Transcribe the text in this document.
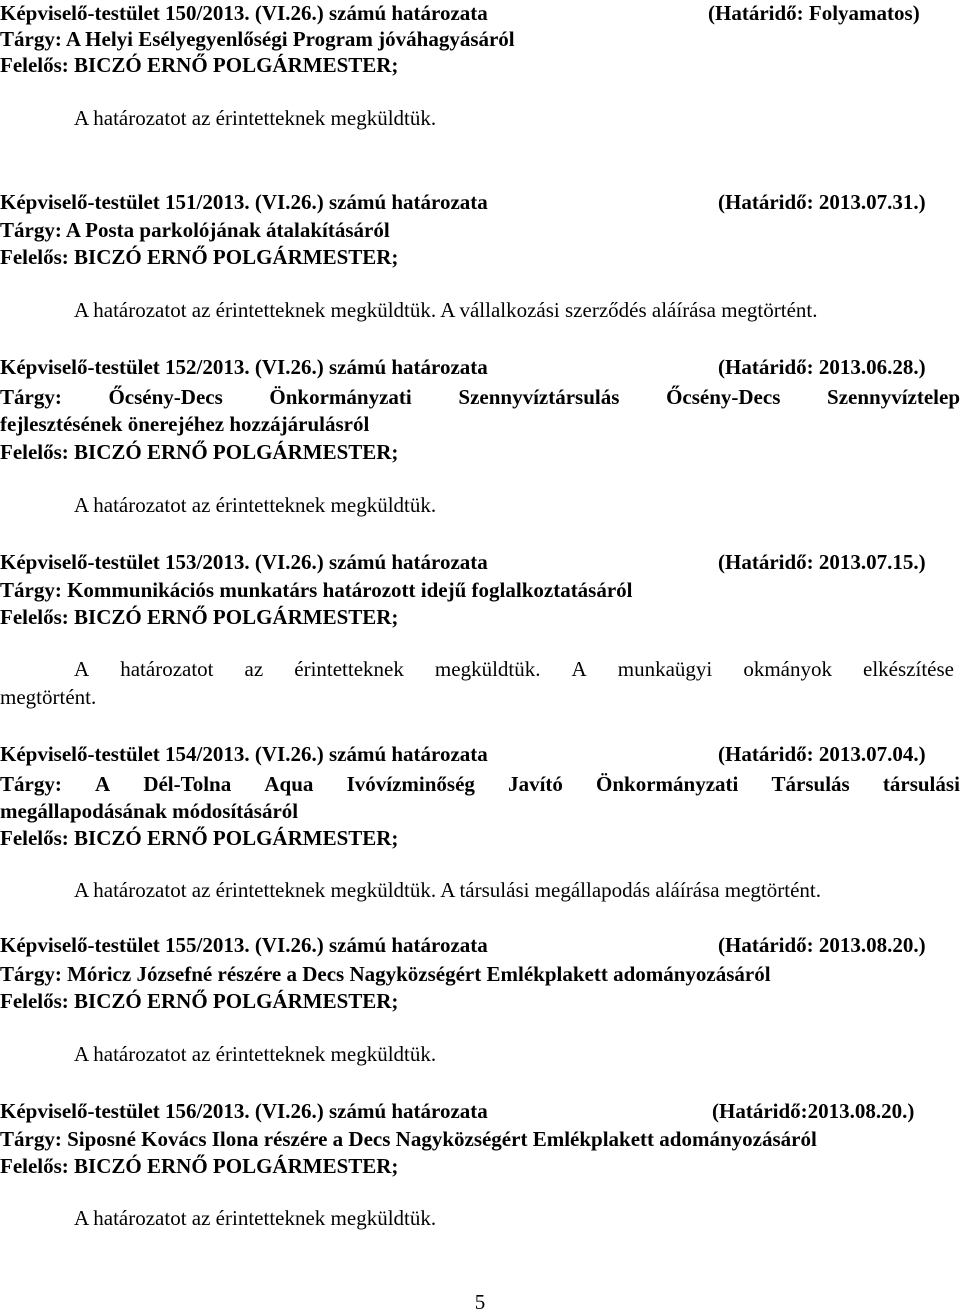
Képviselő-testület 150/2013. (VI.26.) számú határozata	(Határidő: Folyamatos)
Tárgy: A Helyi Esélyegyenlőségi Program jóváhagyásáról
Felelős: BICZÓ ERNŐ POLGÁRMESTER;
A határozatot az érintetteknek megküldtük.
Képviselő-testület 151/2013. (VI.26.) számú határozata	(Határidő: 2013.07.31.)
Tárgy: A Posta parkolójának átalakításáról
Felelős: BICZÓ ERNŐ POLGÁRMESTER;
A határozatot az érintetteknek megküldtük. A vállalkozási szerződés aláírása megtörtént.
Képviselő-testület 152/2013. (VI.26.) számú határozata	(Határidő: 2013.06.28.)
Tárgy: Őcsény-Decs Önkormányzati Szennyvíztársulás Őcsény-Decs Szennyvíztelep
fejlesztésének önerejéhez hozzájárulásról
Felelős: BICZÓ ERNŐ POLGÁRMESTER;
A határozatot az érintetteknek megküldtük.
Képviselő-testület 153/2013. (VI.26.) számú határozata	(Határidő: 2013.07.15.)
Tárgy: Kommunikációs munkatárs határozott idejű foglalkoztatásáról
Felelős: BICZÓ ERNŐ POLGÁRMESTER;
A határozatot az érintetteknek megküldtük. A munkaügyi okmányok elkészítése
megtörtént.
Képviselő-testület 154/2013. (VI.26.) számú határozata	(Határidő: 2013.07.04.)
Tárgy: A Dél-Tolna Aqua Ivóvízminőség Javító Önkormányzati Társulás társulási
megállapodásának módosításáról
Felelős: BICZÓ ERNŐ POLGÁRMESTER;
A határozatot az érintetteknek megküldtük. A társulási megállapodás aláírása megtörtént.
Képviselő-testület 155/2013. (VI.26.) számú határozata	(Határidő: 2013.08.20.)
Tárgy: Móricz Józsefné részére a Decs Nagyközségért Emlékplakett adományozásáról
Felelős: BICZÓ ERNŐ POLGÁRMESTER;
A határozatot az érintetteknek megküldtük.
Képviselő-testület 156/2013. (VI.26.) számú határozata	(Határidő:2013.08.20.)
Tárgy: Siposné Kovács Ilona részére a Decs Nagyközségért Emlékplakett adományozásáról
Felelős: BICZÓ ERNŐ POLGÁRMESTER;
A határozatot az érintetteknek megküldtük.
5
